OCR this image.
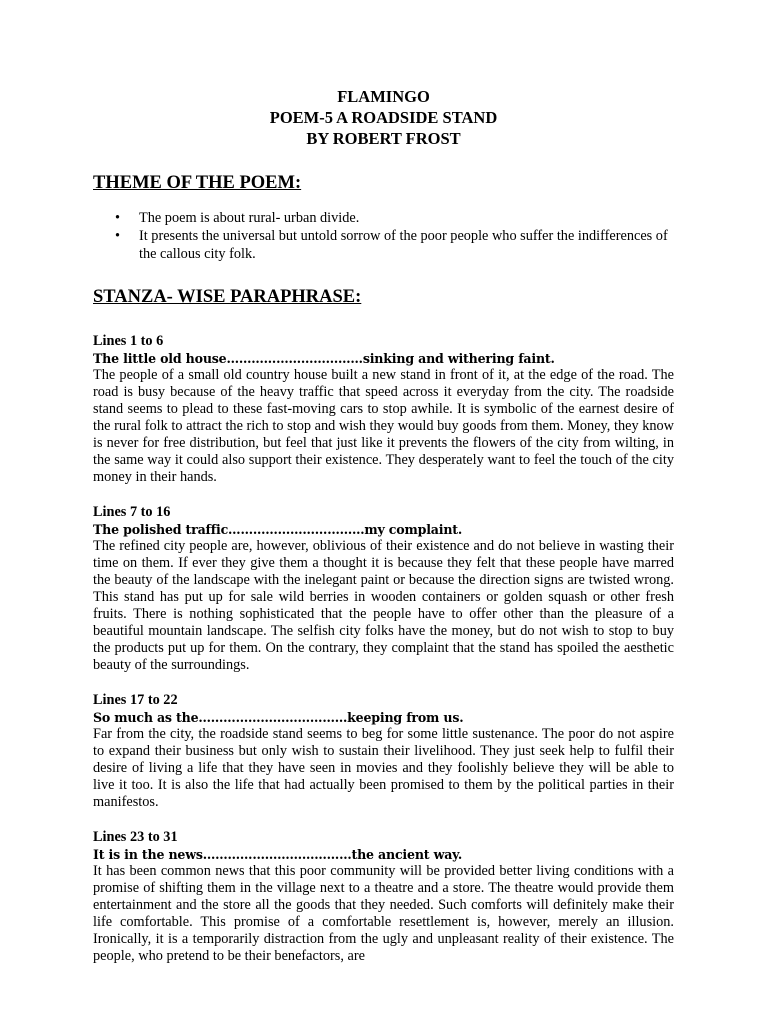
FLAMINGO
POEM-5 A ROADSIDE STAND
BY ROBERT FROST
THEME OF THE POEM:
• The poem is about rural- urban divide.
• It presents the universal but untold sorrow of the poor people who suffer the indifferences of the callous city folk.
STANZA- WISE PARAPHRASE:
Lines 1 to 6
The little old house……………………………sinking and withering faint.
The people of a small old country house built a new stand in front of it, at the edge of the road. The road is busy because of the heavy traffic that speed across it everyday from the city. The roadside stand seems to plead to these fast-moving cars to stop awhile. It is symbolic of the earnest desire of the rural folk to attract the rich to stop and wish they would buy goods from them. Money, they know is never for free distribution, but feel that just like it prevents the flowers of the city from wilting, in the same way it could also support their existence. They desperately want to feel the touch of the city money in their hands.
Lines 7 to 16
The polished traffic……………………………my complaint.
The refined city people are, however, oblivious of their existence and do not believe in wasting their time on them. If ever they give them a thought it is because they felt that these people have marred the beauty of the landscape with the inelegant paint or because the direction signs are twisted wrong. This stand has put up for sale wild berries in wooden containers or golden squash or other fresh fruits. There is nothing sophisticated that the people have to offer other than the pleasure of a beautiful mountain landscape. The selfish city folks have the money, but do not wish to stop to buy the products put up for them. On the contrary, they complaint that the stand has spoiled the aesthetic beauty of the surroundings.
Lines 17 to 22
So much as the………………………………keeping from us.
Far from the city, the roadside stand seems to beg for some little sustenance. The poor do not aspire to expand their business but only wish to sustain their livelihood. They just seek help to fulfil their desire of living a life that they have seen in movies and they foolishly believe they will be able to live it too. It is also the life that had actually been promised to them by the political parties in their manifestos.
Lines 23 to 31
It is in the news………………………………the ancient way.
It has been common news that this poor community will be provided better living conditions with a promise of shifting them in the village next to a theatre and a store. The theatre would provide them entertainment and the store all the goods that they needed. Such comforts will definitely make their life comfortable. This promise of a comfortable resettlement is, however, merely an illusion. Ironically, it is a temporarily distraction from the ugly and unpleasant reality of their existence. The people, who pretend to be their benefactors, are
